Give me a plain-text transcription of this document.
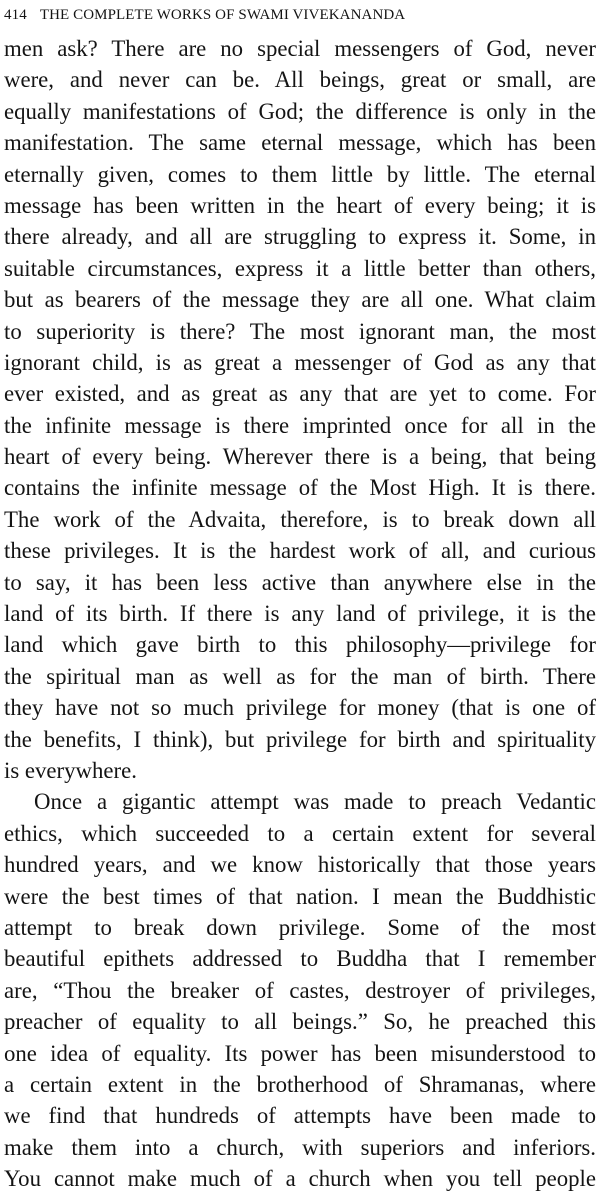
414 THE COMPLETE WORKS OF SWAMI VIVEKANANDA
men ask? There are no special messengers of God, never
were, and never can be. All beings, great or small, are
equally manifestations of God; the difference is only in the
manifestation. The same eternal message, which has been
eternally given, comes to them little by little. The eternal
message has been written in the heart of every being; it is
there already, and all are struggling to express it. Some, in
suitable circumstances, express it a little better than others,
but as bearers of the message they are all one. What claim
to superiority is there? The most ignorant man, the most
ignorant child, is as great a messenger of God as any that
ever existed, and as great as any that are yet to come. For
the infinite message is there imprinted once for all in the
heart of every being. Wherever there is a being, that being
contains the infinite message of the Most High. It is there.
The work of the Advaita, therefore, is to break down all
these privileges. It is the hardest work of all, and curious
to say, it has been less active than anywhere else in the
land of its birth. If there is any land of privilege, it is the
land which gave birth to this philosophy—privilege for
the spiritual man as well as for the man of birth. There
they have not so much privilege for money (that is one of
the benefits, I think), but privilege for birth and spirituality
is everywhere.
Once a gigantic attempt was made to preach Vedantic
ethics, which succeeded to a certain extent for several
hundred years, and we know historically that those years
were the best times of that nation. I mean the Buddhistic
attempt to break down privilege. Some of the most
beautiful epithets addressed to Buddha that I remember
are, “Thou the breaker of castes, destroyer of privileges,
preacher of equality to all beings.” So, he preached this
one idea of equality. Its power has been misunderstood to
a certain extent in the brotherhood of Shramanas, where
we find that hundreds of attempts have been made to
make them into a church, with superiors and inferiors.
You cannot make much of a church when you tell people
